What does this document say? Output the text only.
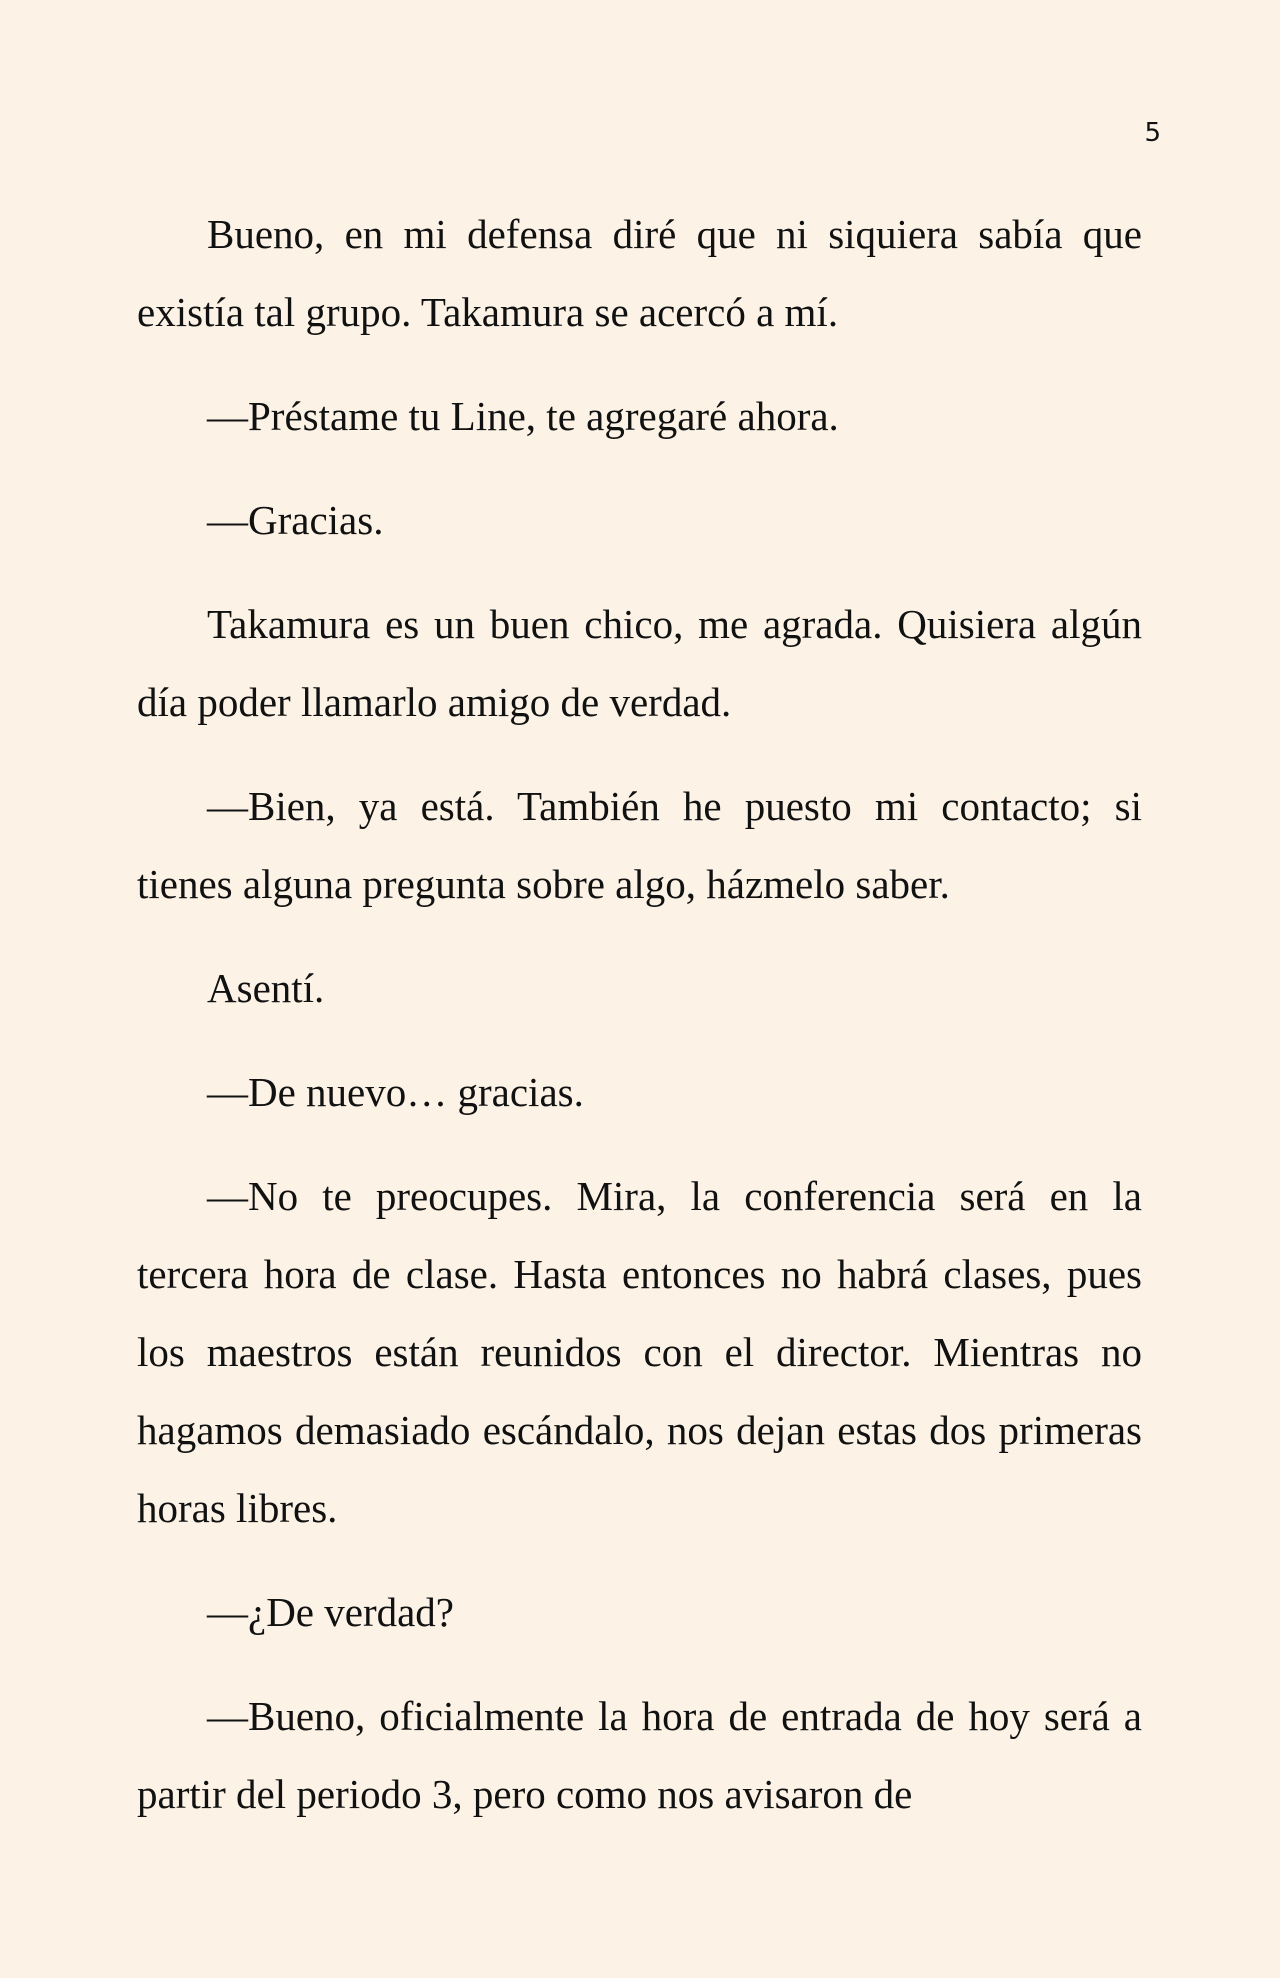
5

Bueno, en mi defensa diré que ni siquiera sabía que existía tal grupo. Takamura se acercó a mí.

—Préstame tu Line, te agregaré ahora.

—Gracias.

Takamura es un buen chico, me agrada. Quisiera algún día poder llamarlo amigo de verdad.

—Bien, ya está. También he puesto mi contacto; si tienes alguna pregunta sobre algo, házmelo saber.

Asentí.

—De nuevo… gracias.

—No te preocupes. Mira, la conferencia será en la tercera hora de clase. Hasta entonces no habrá clases, pues los maestros están reunidos con el director. Mientras no hagamos demasiado escándalo, nos dejan estas dos primeras horas libres.

—¿De verdad?

—Bueno, oficialmente la hora de entrada de hoy será a partir del periodo 3, pero como nos avisaron de
